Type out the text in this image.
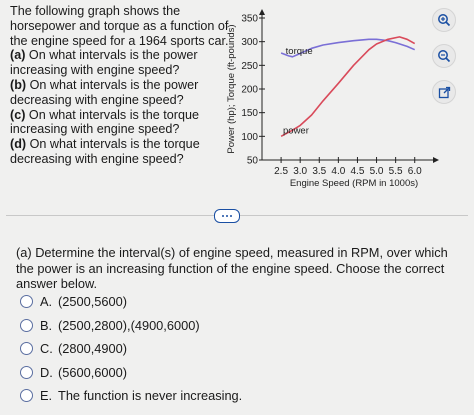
The following graph shows the horsepower and torque as a function of the engine speed for a 1964 sports car.

(a) On what intervals is the power increasing with engine speed?

(b) On what intervals is the power decreasing with engine speed?

(c) On what intervals is the torque increasing with engine speed?

(d) On what intervals is the torque decreasing with engine speed?	50
100
150
200
250
300
350
2.5 3.0 3.5 4.0 4.5 5.0 5.5 6.0
Engine Speed (RPM in 1000s)
Power (hp); Torque (ft-pounds)	torque
power
(a) Determine the interval(s) of engine speed, measured in RPM, over which the power is an increasing function of the engine speed. Choose the correct answer below.
A. (2500,5600)
B. (2500,2800),(4900,6000)
C. (2800,4900)
D. (5600,6000)
E. The function is never increasing.
